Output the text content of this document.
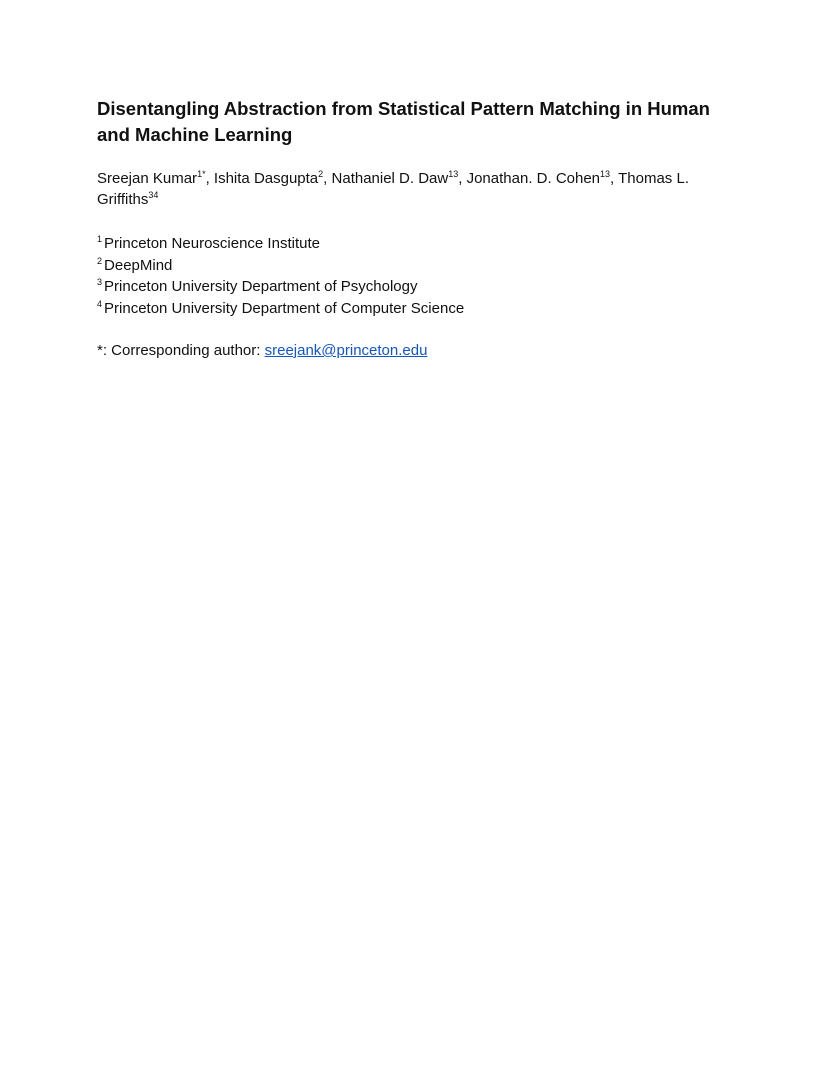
Disentangling Abstraction from Statistical Pattern Matching in Human
and Machine Learning

Sreejan Kumar$^{1*}$, Ishita Dasgupta$^2$, Nathaniel D. Daw$^{13}$, Jonathan. D. Cohen$^{13}$, Thomas L. Griffiths$^{34}$

$^1$ Princeton Neuroscience Institute
$^2$ DeepMind
$^3$ Princeton University Department of Psychology
$^4$ Princeton University Department of Computer Science

*: Corresponding author: sreejank@princeton.edu
